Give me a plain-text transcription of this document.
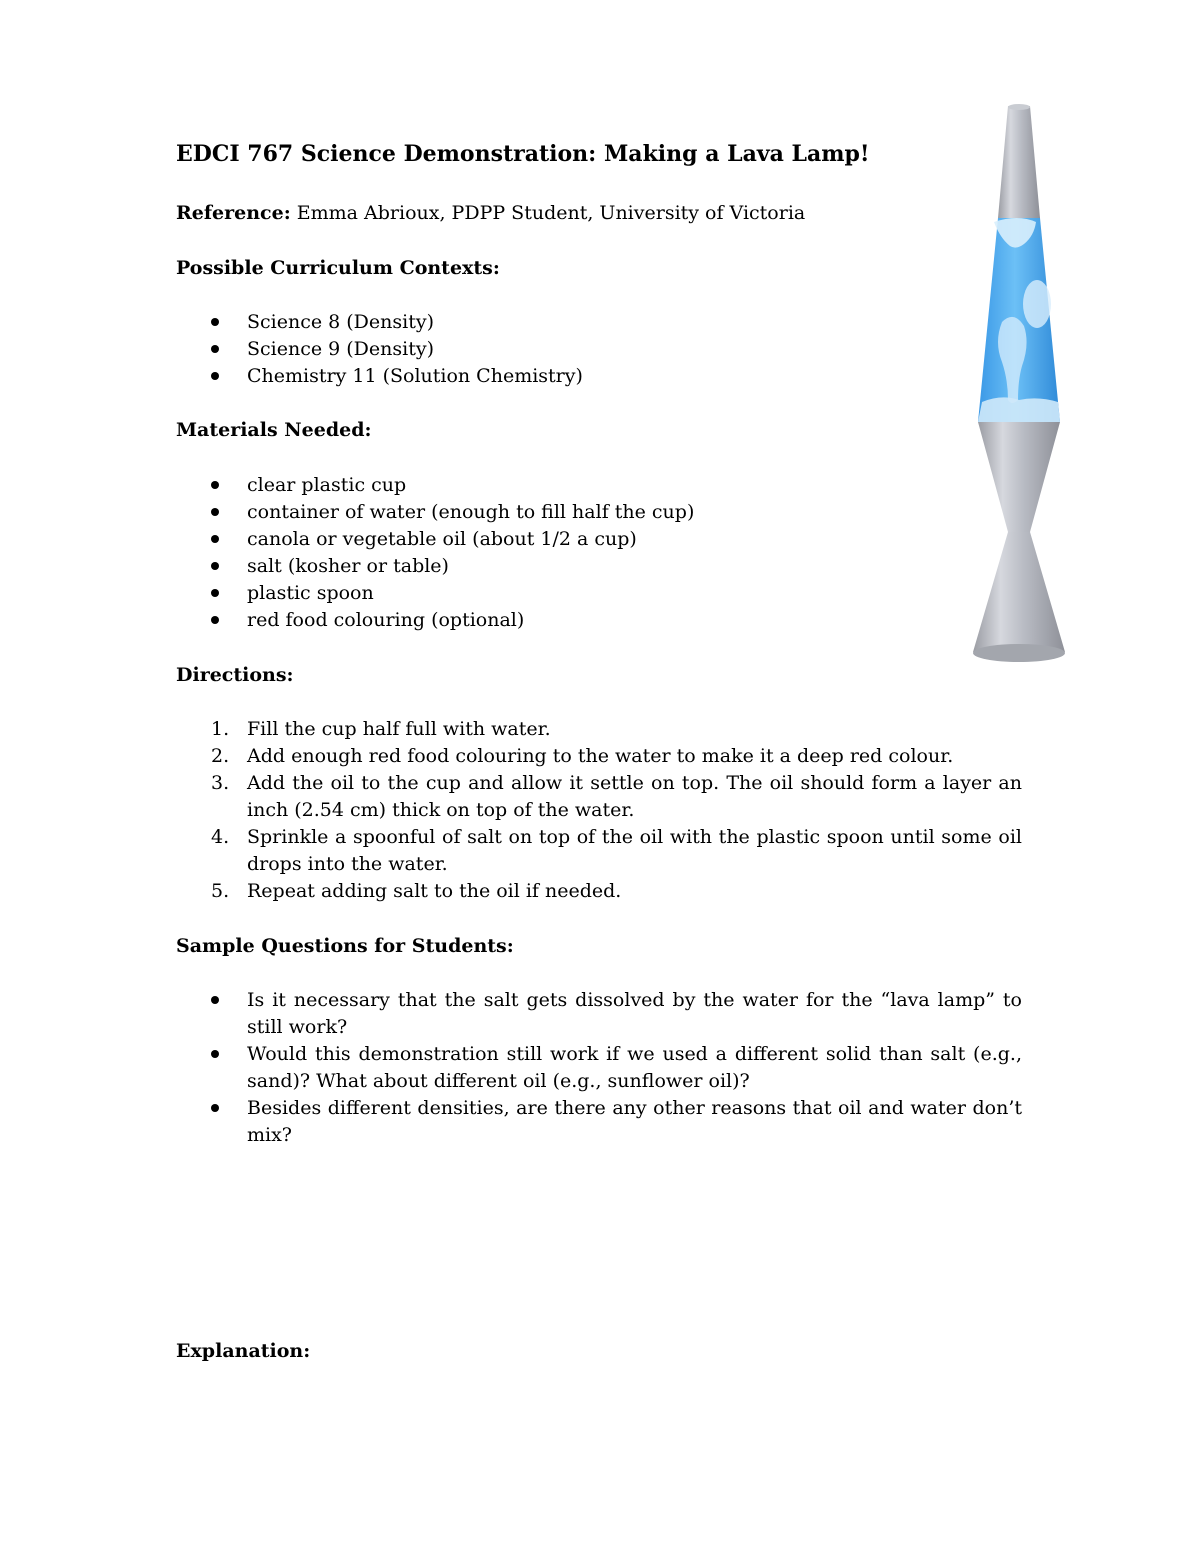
EDCI 767 Science Demonstration: Making a Lava Lamp!

Reference: Emma Abrioux, PDPP Student, University of Victoria

Possible Curriculum Contexts:

Science 8 (Density)
Science 9 (Density)
Chemistry 11 (Solution Chemistry)

Materials Needed:

clear plastic cup
container of water (enough to fill half the cup)
canola or vegetable oil (about 1/2 a cup)
salt (kosher or table)
plastic spoon
red food colouring (optional)

Directions:

1. Fill the cup half full with water.
2. Add enough red food colouring to the water to make it a deep red colour.
3. Add the oil to the cup and allow it settle on top. The oil should form a layer an inch (2.54 cm) thick on top of the water.
4. Sprinkle a spoonful of salt on top of the oil with the plastic spoon until some oil drops into the water.
5. Repeat adding salt to the oil if needed.

Sample Questions for Students:

Is it necessary that the salt gets dissolved by the water for the “lava lamp” to still work?
Would this demonstration still work if we used a different solid than salt (e.g., sand)? What about different oil (e.g., sunflower oil)?
Besides different densities, are there any other reasons that oil and water don’t mix?

Explanation:
